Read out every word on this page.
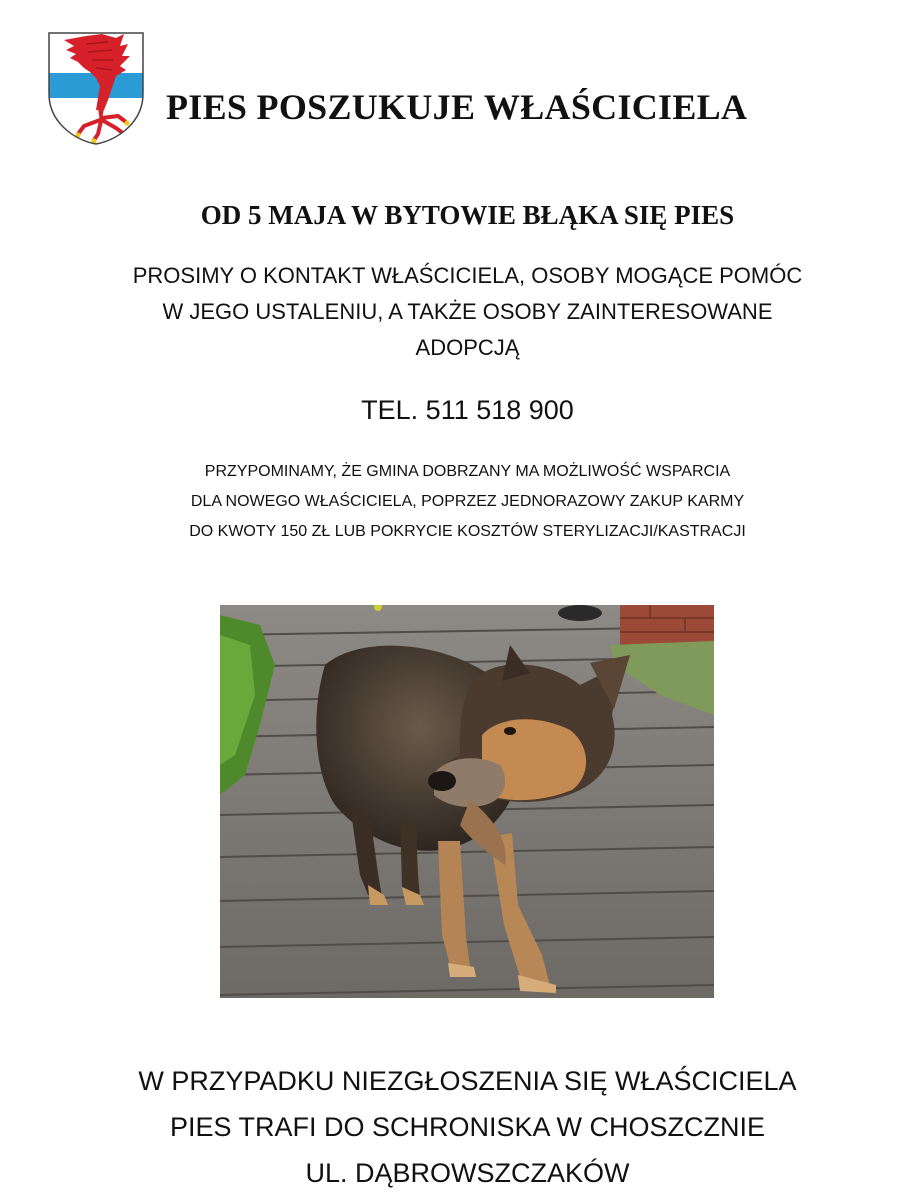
PIES POSZUKUJE WŁAŚCICIELA
OD 5 MAJA W BYTOWIE BŁĄKA SIĘ PIES
PROSIMY O KONTAKT WŁAŚCICIELA, OSOBY MOGĄCE POMÓC
W JEGO USTALENIU, A TAKŻE OSOBY ZAINTERESOWANE
ADOPCJĄ
TEL. 511 518 900
PRZYPOMINAMY, ŻE GMINA DOBRZANY MA MOŻLIWOŚĆ WSPARCIA
DLA NOWEGO WŁAŚCICIELA, POPRZEZ JEDNORAZOWY ZAKUP KARMY
DO KWOTY 150 ZŁ LUB POKRYCIE KOSZTÓW STERYLIZACJI/KASTRACJI
W PRZYPADKU NIEZGŁOSZENIA SIĘ WŁAŚCICIELA
PIES TRAFI DO SCHRONISKA W CHOSZCZNIE
UL. DĄBROWSZCZAKÓW
